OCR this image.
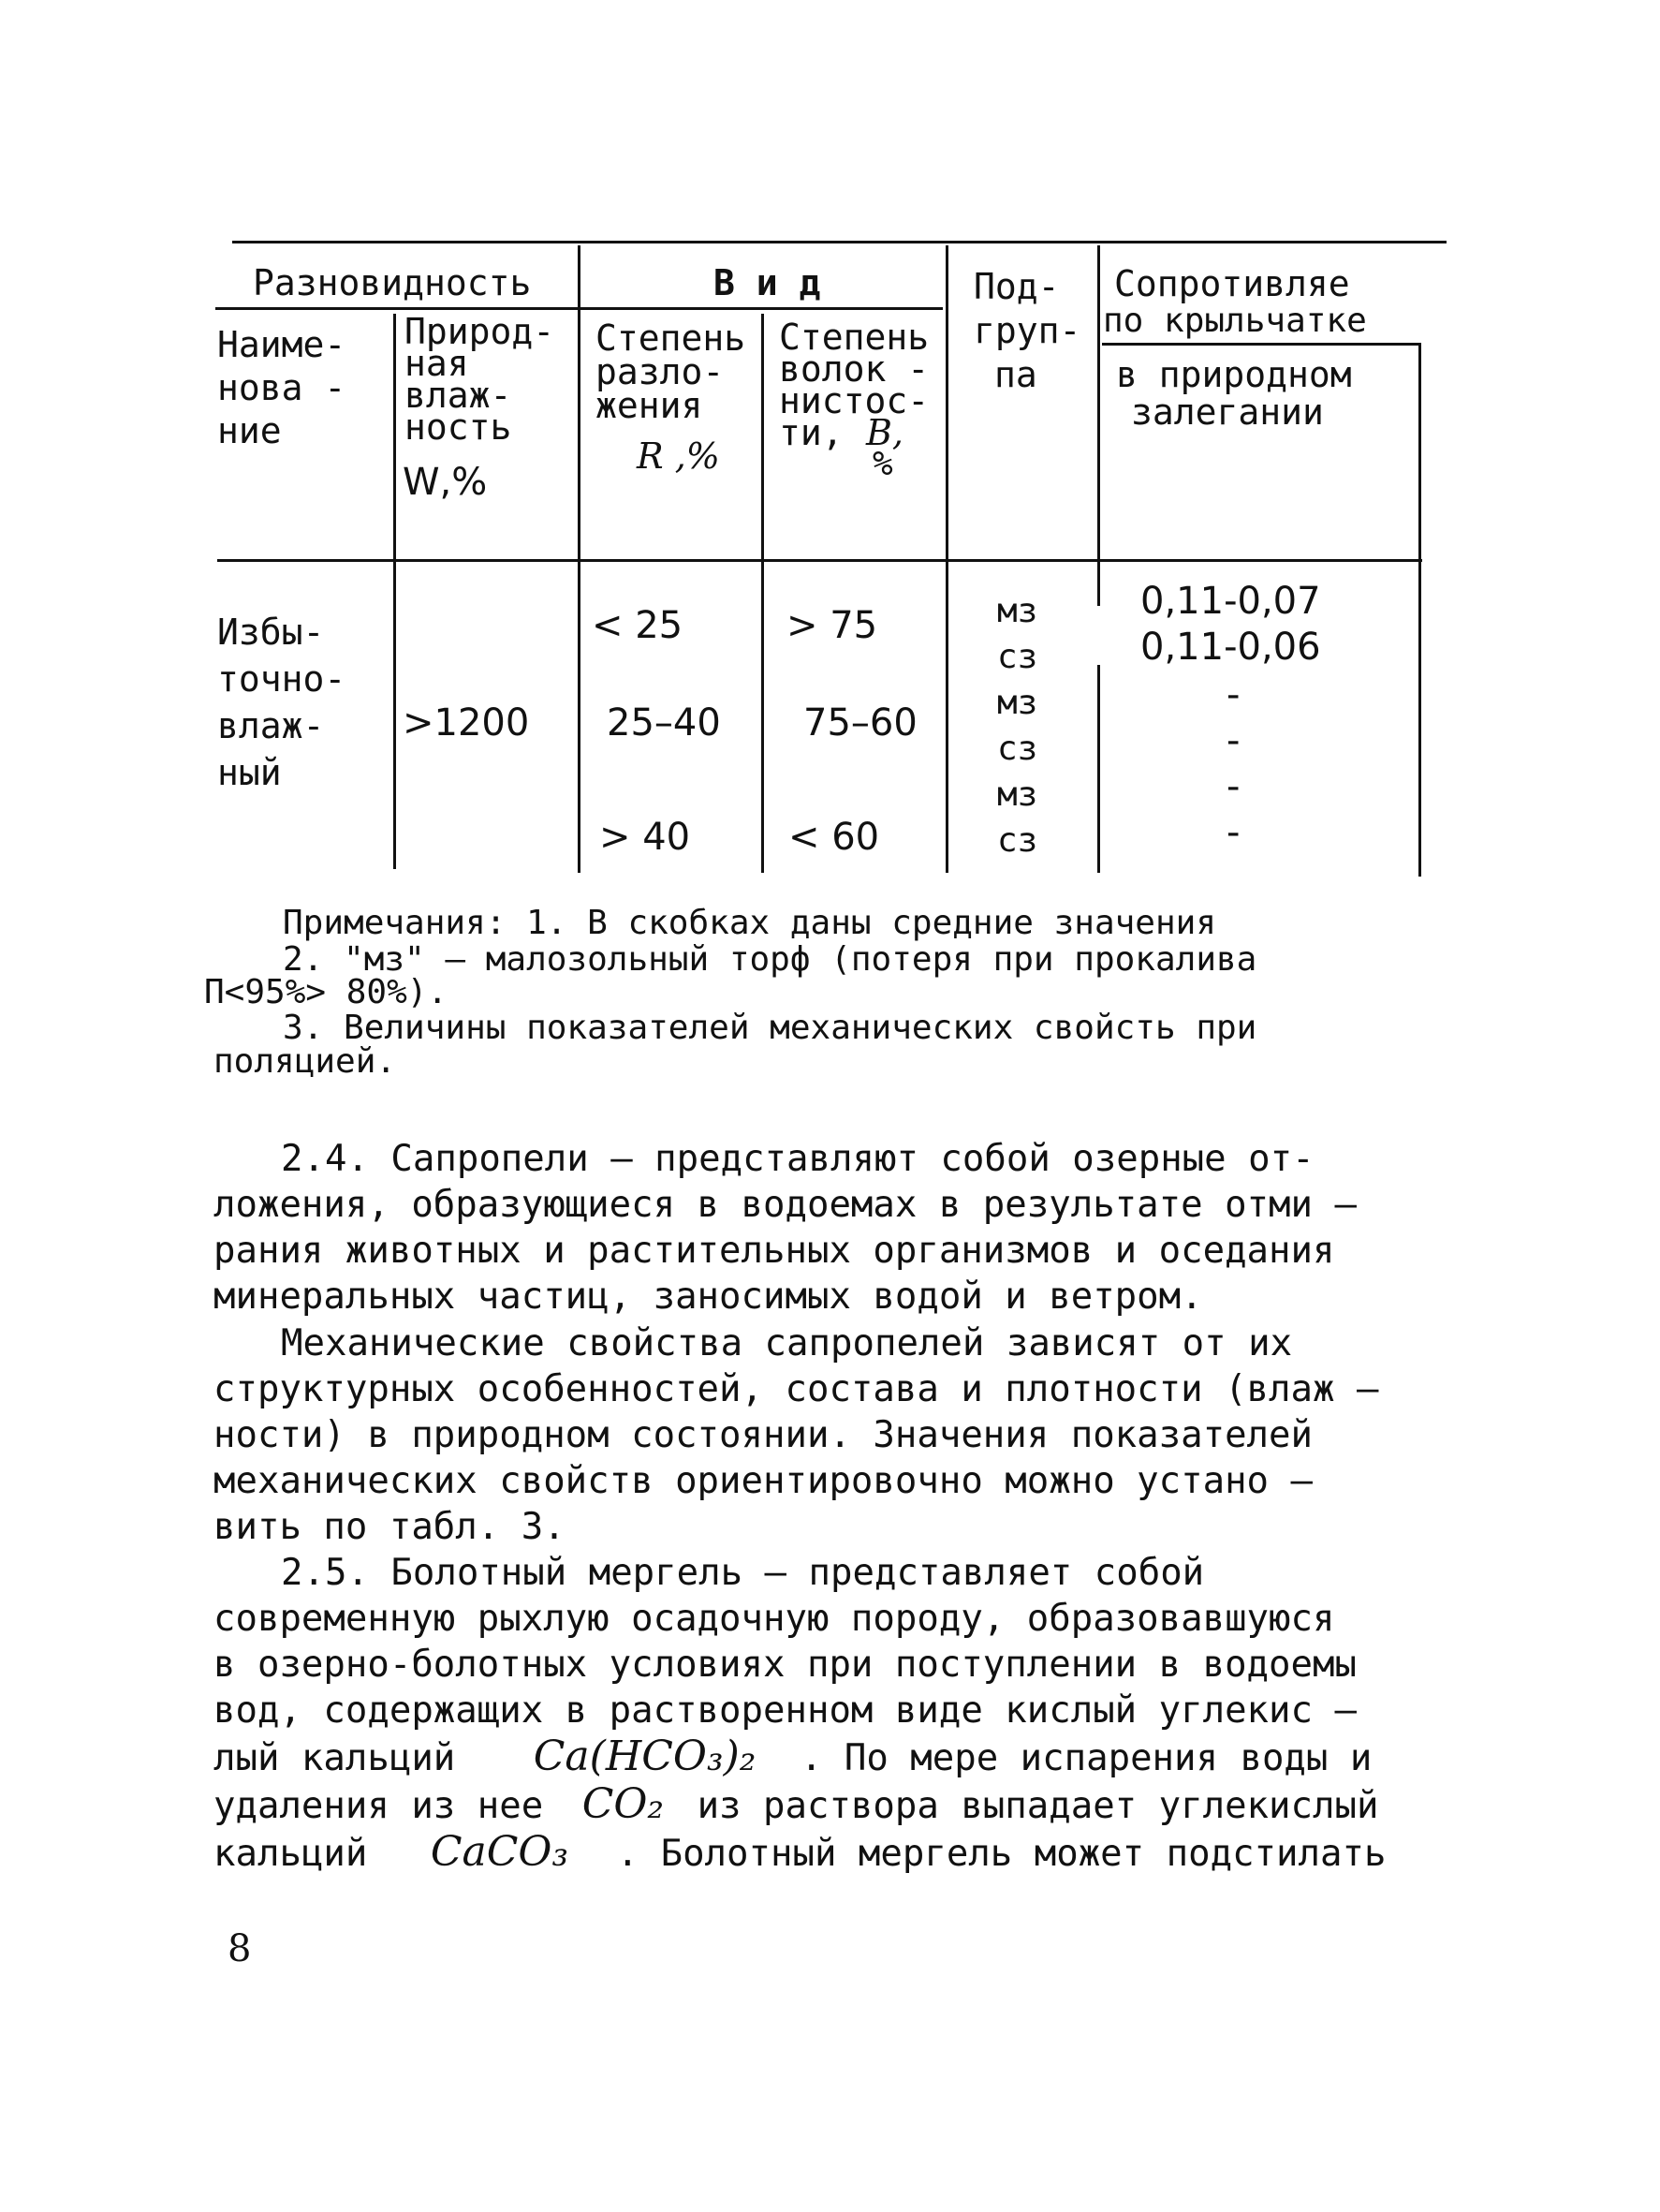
Разновидность	В и д
Наиме-
нова -
ние
Природ-
ная
влаж-
ность
W,%
Степень
разло-
жения
R ,%
Степень
волок -
нистос-
ти, В,
%
Под-
груп-
па
Сопротивляе
по крыльчатке
в природном
залегании
Избы-
точно-
влаж-
ный
>1200
< 25
25–40
> 40
> 75
75–60
< 60
мз
сз
мз
сз
мз
сз
0,11-0,07
0,11-0,06
-
-
-
-
Примечания: 1. В скобках даны средние значения
2. "мз" – малозольный торф (потеря при прокалива
П<95%> 80%).
3. Величины показателей механических свойсть при
поляцией.
2.4. Сапропели – представляют собой озерные от-
ложения, образующиеся в водоемах в результате отми –
рания животных и растительных организмов и оседания
минеральных частиц, заносимых водой и ветром.
Механические свойства сапропелей зависят от их
структурных особенностей, состава и плотности (влаж –
ности) в природном состоянии. Значения показателей
механических свойств ориентировочно можно устано –
вить по табл. 3.
2.5. Болотный мергель – представляет собой
современную рыхлую осадочную породу, образовавшуюся
в озерно-болотных условиях при поступлении в водоемы
вод, содержащих в растворенном виде кислый углекис –
лый кальций Ca(HCO₃)₂ . По мере испарения воды и
удаления из нее CO₂ из раствора выпадает углекислый
кальций CaCO₃ . Болотный мергель может подстилать
8
